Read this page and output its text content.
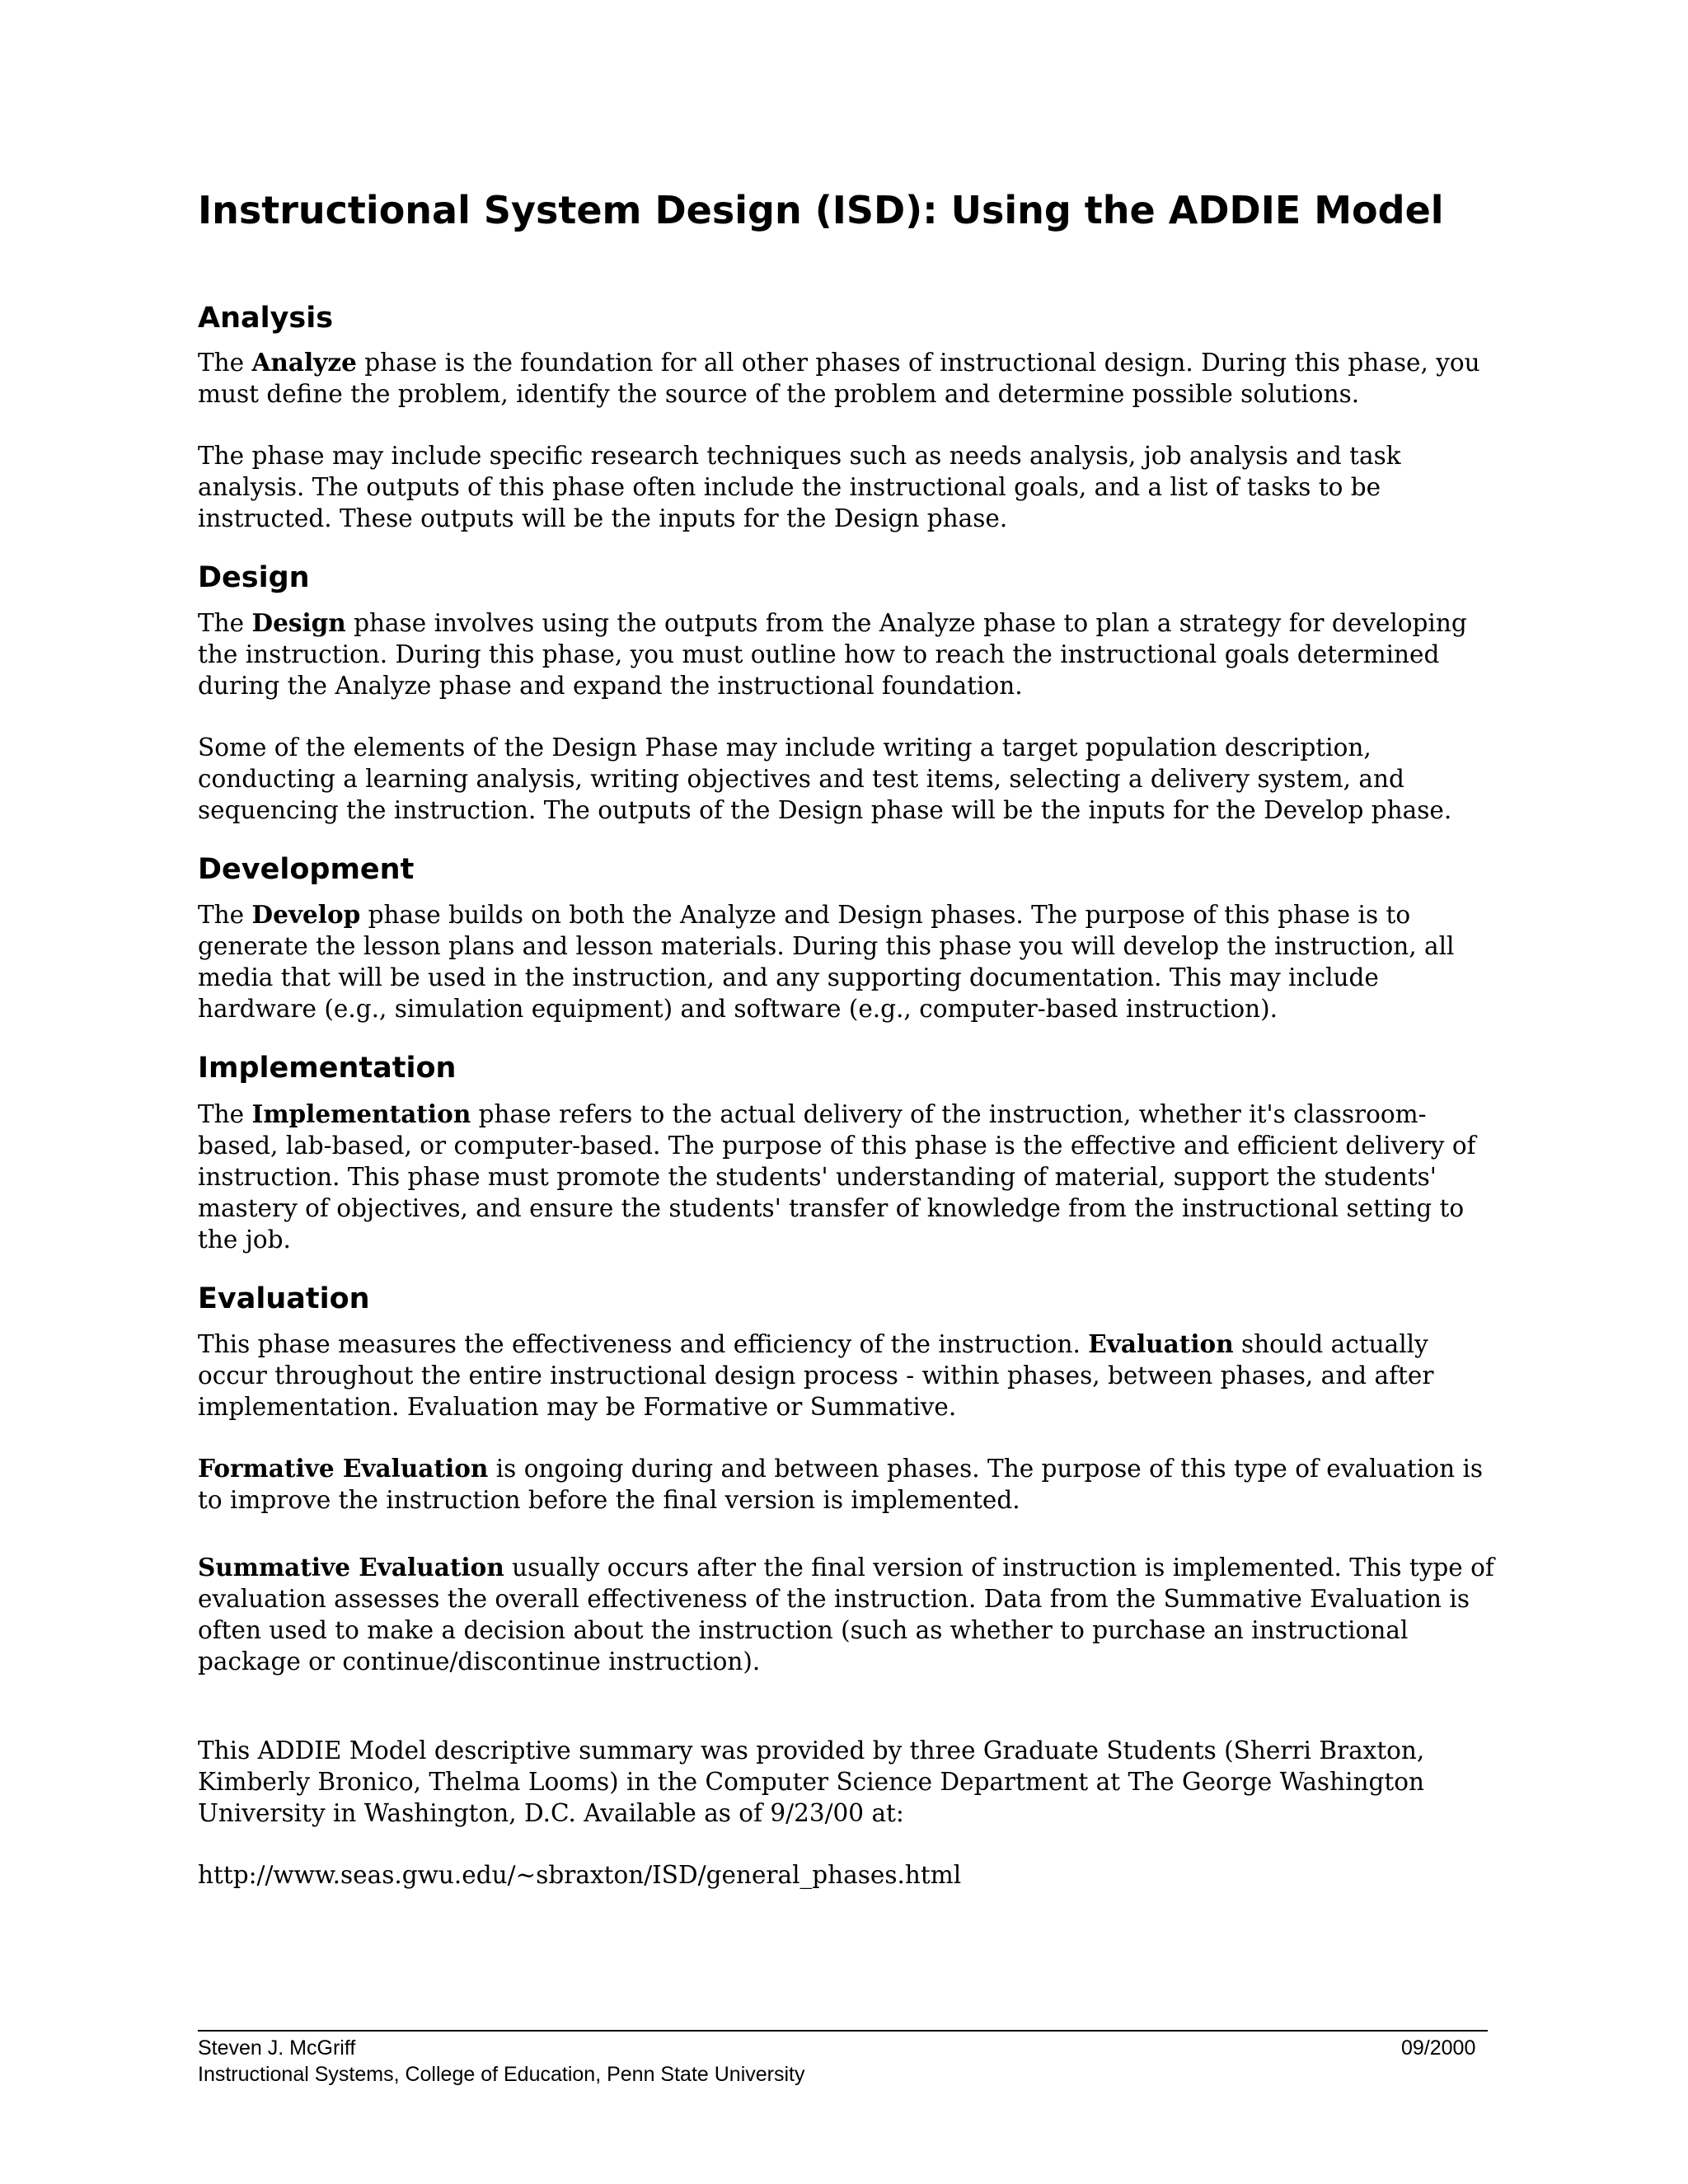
Instructional System Design (ISD): Using the ADDIE Model
Analysis

The Analyze phase is the foundation for all other phases of instructional design. During this phase, you must define the problem, identify the source of the problem and determine possible solutions.

The phase may include specific research techniques such as needs analysis, job analysis and task analysis. The outputs of this phase often include the instructional goals, and a list of tasks to be instructed. These outputs will be the inputs for the Design phase.

Design

The Design phase involves using the outputs from the Analyze phase to plan a strategy for developing the instruction. During this phase, you must outline how to reach the instructional goals determined during the Analyze phase and expand the instructional foundation.

Some of the elements of the Design Phase may include writing a target population description, conducting a learning analysis, writing objectives and test items, selecting a delivery system, and sequencing the instruction. The outputs of the Design phase will be the inputs for the Develop phase.

Development

The Develop phase builds on both the Analyze and Design phases. The purpose of this phase is to generate the lesson plans and lesson materials. During this phase you will develop the instruction, all media that will be used in the instruction, and any supporting documentation. This may include hardware (e.g., simulation equipment) and software (e.g., computer-based instruction).

Implementation

The Implementation phase refers to the actual delivery of the instruction, whether it's classroom-based, lab-based, or computer-based. The purpose of this phase is the effective and efficient delivery of instruction. This phase must promote the students' understanding of material, support the students' mastery of objectives, and ensure the students' transfer of knowledge from the instructional setting to the job.

Evaluation

This phase measures the effectiveness and efficiency of the instruction. Evaluation should actually occur throughout the entire instructional design process - within phases, between phases, and after implementation. Evaluation may be Formative or Summative.

Formative Evaluation is ongoing during and between phases. The purpose of this type of evaluation is to improve the instruction before the final version is implemented.

Summative Evaluation usually occurs after the final version of instruction is implemented. This type of evaluation assesses the overall effectiveness of the instruction. Data from the Summative Evaluation is often used to make a decision about the instruction (such as whether to purchase an instructional package or continue/discontinue instruction).

This ADDIE Model descriptive summary was provided by three Graduate Students (Sherri Braxton, Kimberly Bronico, Thelma Looms) in the Computer Science Department at The George Washington University in Washington, D.C. Available as of 9/23/00 at:

http://www.seas.gwu.edu/~sbraxton/ISD/general_phases.html

Steven J. McGriff	09/2000
Instructional Systems, College of Education, Penn State University
